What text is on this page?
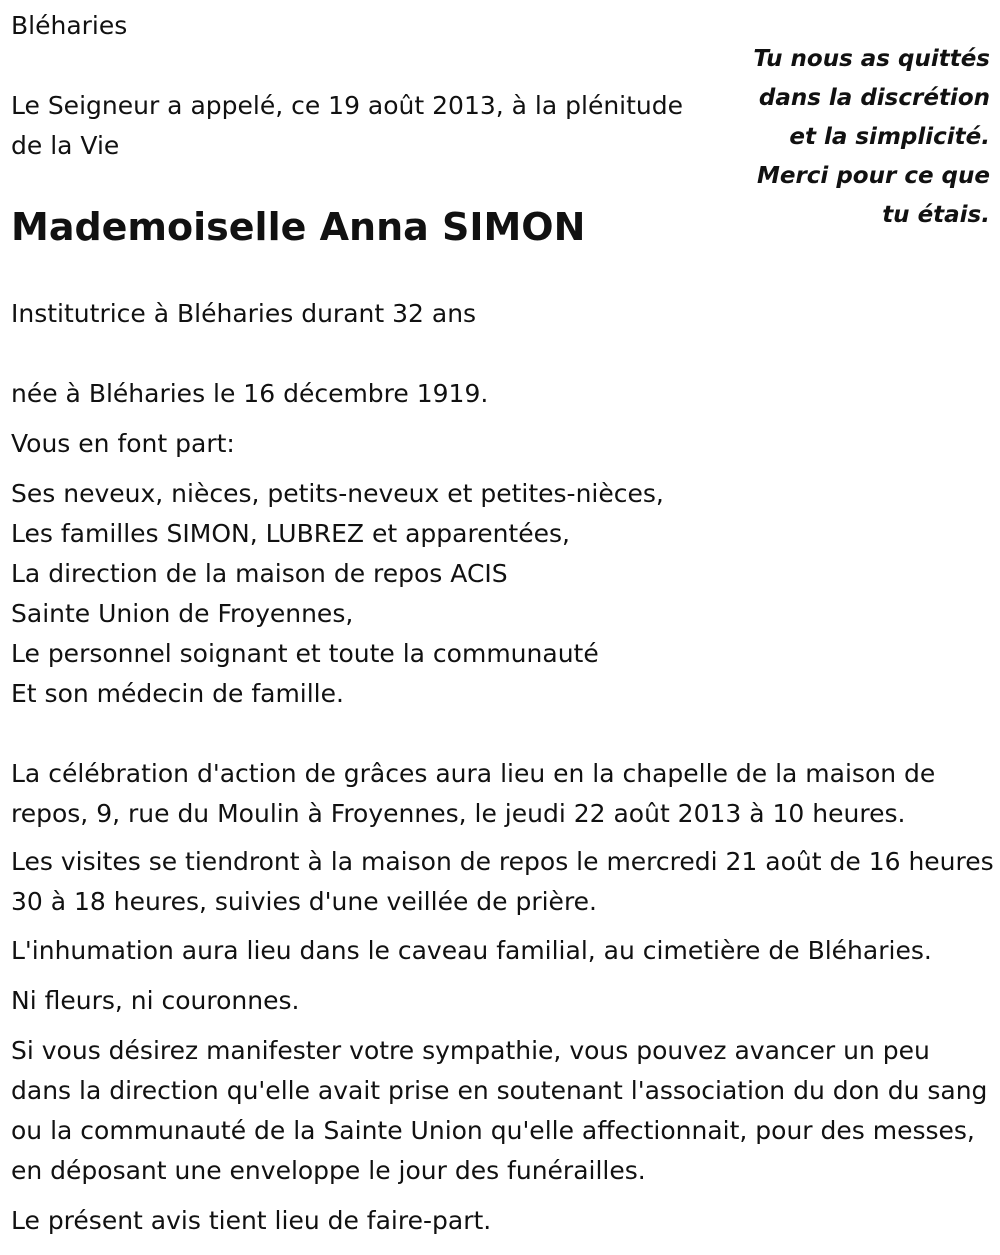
Bléharies
Le Seigneur a appelé, ce 19 août 2013, à la plénitude
de la Vie
Mademoiselle Anna SIMON
Institutrice à Bléharies durant 32 ans
née à Bléharies le 16 décembre 1919.
Vous en font part:
Ses neveux, nièces, petits-neveux et petites-nièces,
Les familles SIMON, LUBREZ et apparentées,
La direction de la maison de repos ACIS
Sainte Union de Froyennes,
Le personnel soignant et toute la communauté
Et son médecin de famille.
La célébration d'action de grâces aura lieu en la chapelle de la maison de repos, 9, rue du Moulin à Froyennes, le jeudi 22 août 2013 à 10 heures.
Les visites se tiendront à la maison de repos le mercredi 21 août de 16 heures 30 à 18 heures, suivies d'une veillée de prière.
L'inhumation aura lieu dans le caveau familial, au cimetière de Bléharies.
Ni fleurs, ni couronnes.
Si vous désirez manifester votre sympathie, vous pouvez avancer un peu dans la direction qu'elle avait prise en soutenant l'association du don du sang ou la communauté de la Sainte Union qu'elle affectionnait, pour des messes, en déposant une enveloppe le jour des funérailles.
Le présent avis tient lieu de faire-part.
Tu nous as quittés
dans la discrétion
et la simplicité.
Merci pour ce que
tu étais.
